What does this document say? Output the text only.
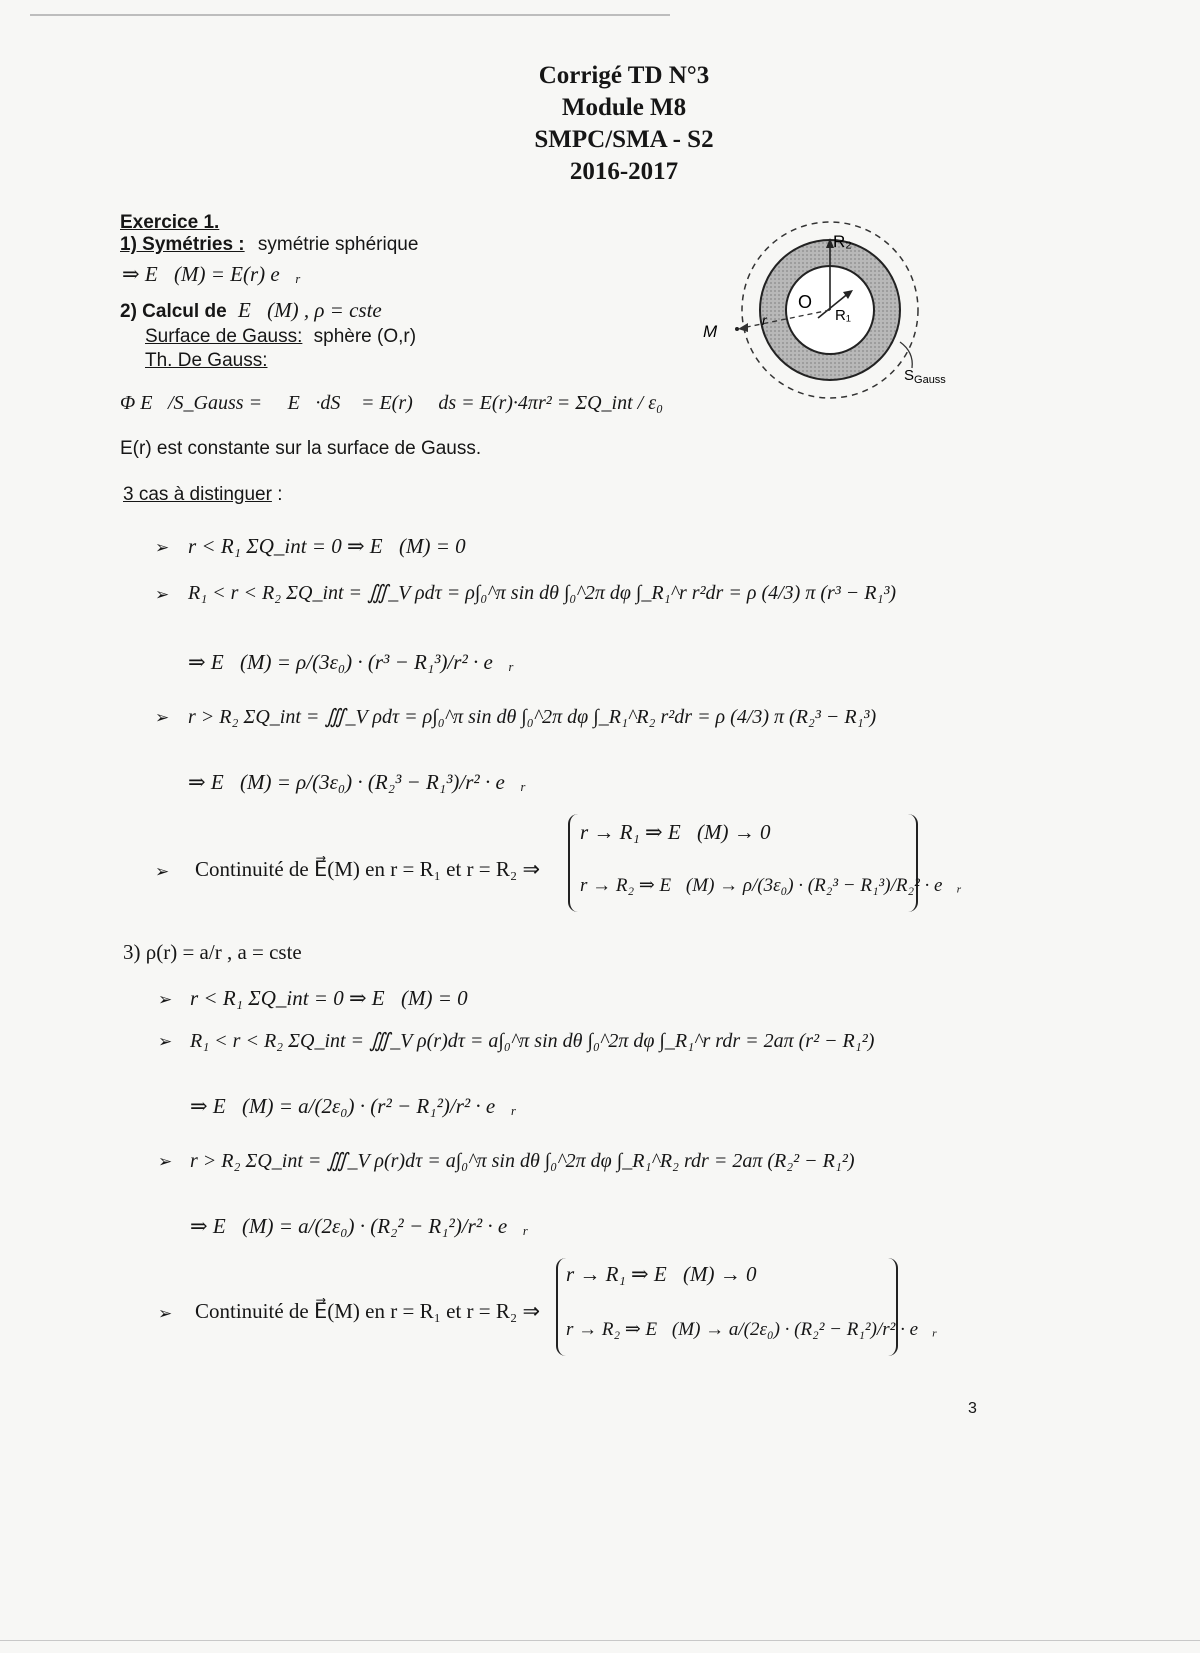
Corrigé TD N°3
Module M8
SMPC/SMA - S2
2016-2017
Exercice 1.
1) Symétries : symétrie sphérique
⇒ E⃗(M) = E(r) e⃗ᵣ
2) Calcul de E⃗(M) , ρ = cste
Surface de Gauss: sphère (O,r)
Th. De Gauss:
Φ E⃗/S_Gauss = ∯ E⃗·dS⃗ = E(r) ∯ ds = E(r)·4πr² = ΣQ_int / ε₀
E(r) est constante sur la surface de Gauss.
3 cas à distinguer :
➢ r < R₁ ΣQ_int = 0 ⇒ E⃗(M) = 0⃗
➢ R₁ < r < R₂ ΣQ_int = ∭_V ρdτ = ρ∫₀^π sin dθ ∫₀^2π dφ ∫_R₁^r r²dr = ρ (4/3) π (r³ − R₁³)
⇒ E⃗(M) = ρ/(3ε₀) · (r³ − R₁³)/r² · e⃗ᵣ
➢ r > R₂ ΣQ_int = ∭_V ρdτ = ρ∫₀^π sin dθ ∫₀^2π dφ ∫_R₁^R₂ r²dr = ρ (4/3) π (R₂³ − R₁³)
⇒ E⃗(M) = ρ/(3ε₀) · (R₂³ − R₁³)/r² · e⃗ᵣ
➢ Continuité de E⃗(M) en r = R₁ et r = R₂ ⇒
r → R₁ ⇒ E⃗(M) → 0⃗
r → R₂ ⇒ E⃗(M) → ρ/(3ε₀) · (R₂³ − R₁³)/R₂² · e⃗ᵣ
3) ρ(r) = a/r , a = cste
➢ r < R₁ ΣQ_int = 0 ⇒ E⃗(M) = 0⃗
➢ R₁ < r < R₂ ΣQ_int = ∭_V ρ(r)dτ = a∫₀^π sin dθ ∫₀^2π dφ ∫_R₁^r rdr = 2aπ (r² − R₁²)
⇒ E⃗(M) = a/(2ε₀) · (r² − R₁²)/r² · e⃗ᵣ
➢ r > R₂ ΣQ_int = ∭_V ρ(r)dτ = a∫₀^π sin dθ ∫₀^2π dφ ∫_R₁^R₂ rdr = 2aπ (R₂² − R₁²)
⇒ E⃗(M) = a/(2ε₀) · (R₂² − R₁²)/r² · e⃗ᵣ
➢ Continuité de E⃗(M) en r = R₁ et r = R₂ ⇒
r → R₁ ⇒ E⃗(M) → 0⃗
r → R₂ ⇒ E⃗(M) → a/(2ε₀) · (R₂² − R₁²)/r² · e⃗ᵣ
R₂
O
R₁
M
r
$S_{Gauss}$
3
